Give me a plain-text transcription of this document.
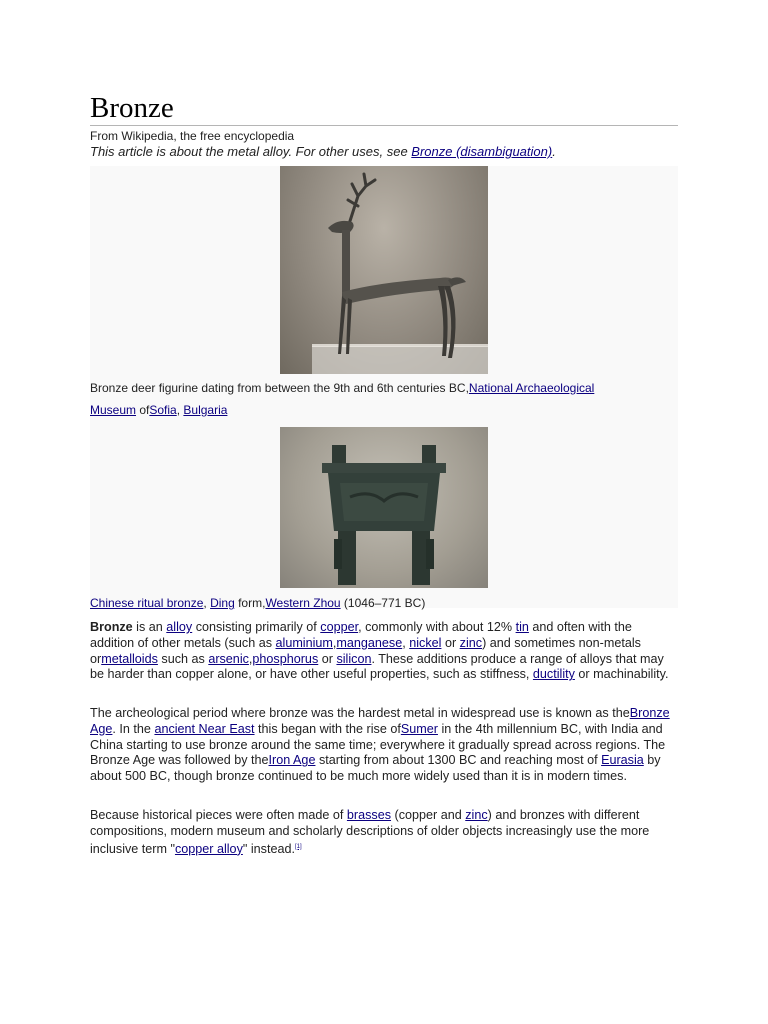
Bronze
From Wikipedia, the free encyclopedia
This article is about the metal alloy. For other uses, see Bronze (disambiguation).
Bronze deer figurine dating from between the 9th and 6th centuries BC,National Archaeological
Museum ofSofia, Bulgaria
Chinese ritual bronze, Ding form,Western Zhou (1046–771 BC)

Bronze is an alloy consisting primarily of copper, commonly with about 12% tin and often with the addition of other metals (such as aluminium,manganese, nickel or zinc) and sometimes non-metals ormetalloids such as arsenic,phosphorus or silicon. These additions produce a range of alloys that may be harder than copper alone, or have other useful properties, such as stiffness, ductility or machinability.

The archeological period where bronze was the hardest metal in widespread use is known as theBronze Age. In the ancient Near East this began with the rise ofSumer in the 4th millennium BC, with India and China starting to use bronze around the same time; everywhere it gradually spread across regions. The Bronze Age was followed by theIron Age starting from about 1300 BC and reaching most of Eurasia by about 500 BC, though bronze continued to be much more widely used than it is in modern times.

Because historical pieces were often made of brasses (copper and zinc) and bronzes with different compositions, modern museum and scholarly descriptions of older objects increasingly use the more inclusive term "copper alloy" instead.[1]
